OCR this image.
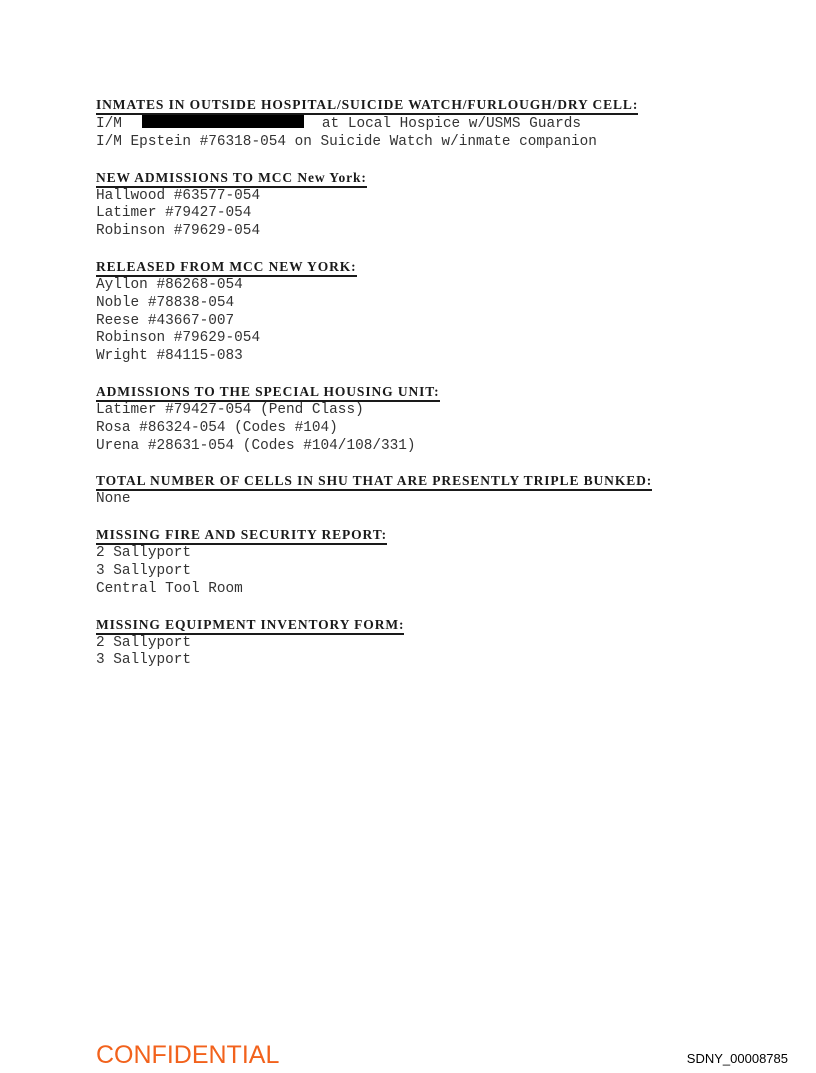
INMATES IN OUTSIDE HOSPITAL/SUICIDE WATCH/FURLOUGH/DRY CELL:
I/M	at Local Hospice w/USMS Guards
I/M Epstein #76318-054 on Suicide Watch w/inmate companion
NEW ADMISSIONS TO MCC New York:
Hallwood #63577-054
Latimer #79427-054
Robinson #79629-054
RELEASED FROM MCC NEW YORK:
Ayllon #86268-054
Noble #78838-054
Reese #43667-007
Robinson #79629-054
Wright #84115-083
ADMISSIONS TO THE SPECIAL HOUSING UNIT:
Latimer #79427-054 (Pend Class)
Rosa #86324-054 (Codes #104)
Urena #28631-054 (Codes #104/108/331)
TOTAL NUMBER OF CELLS IN SHU THAT ARE PRESENTLY TRIPLE BUNKED:
None
MISSING FIRE AND SECURITY REPORT:
2 Sallyport
3 Sallyport
Central Tool Room
MISSING EQUIPMENT INVENTORY FORM:
2 Sallyport
3 Sallyport
CONFIDENTIAL	SDNY_00008785
